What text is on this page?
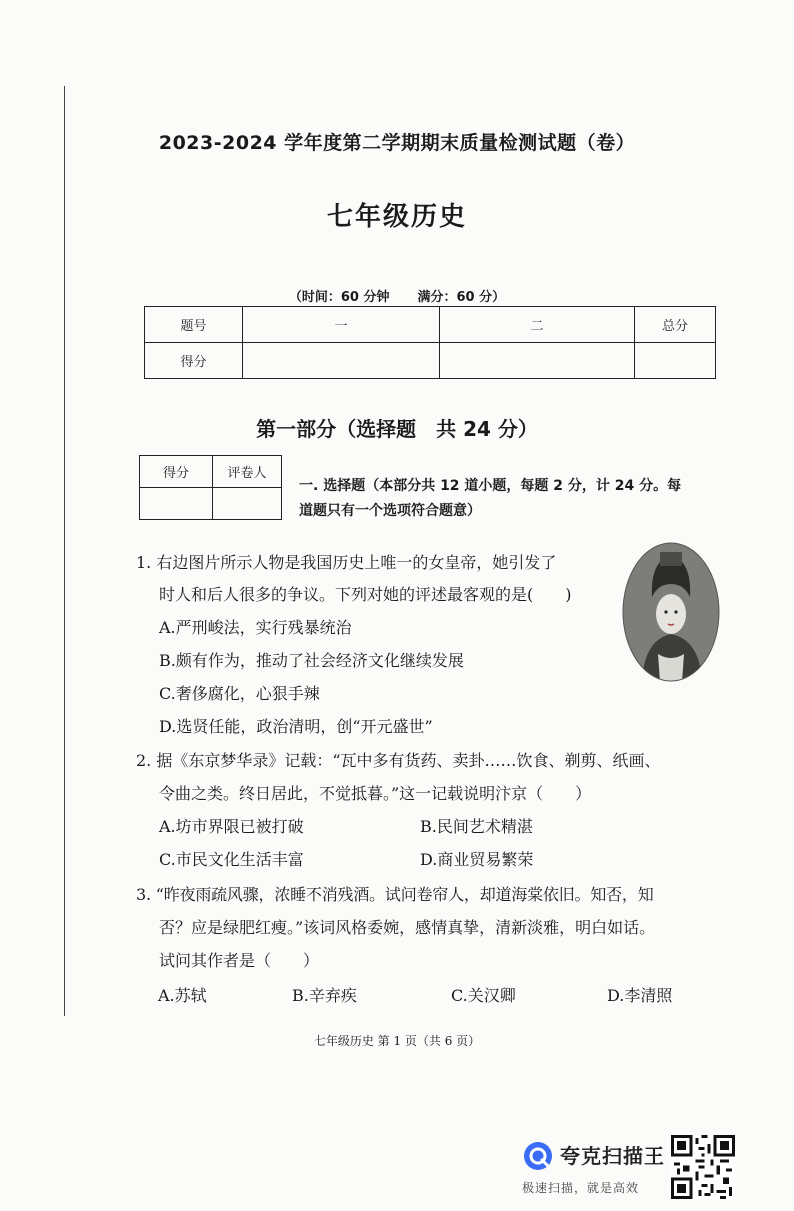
2023-2024 学年度第二学期期末质量检测试题（卷）
七年级历史
（时间：60 分钟 满分：60 分）
题号	一	二	总分
得分			
第一部分（选择题　共 24 分）
得分	评卷人

一. 选择题（本部分共 12 道小题，每题 2 分，计 24 分。每
道题只有一个选项符合题意）
1. 右边图片所示人物是我国历史上唯一的女皇帝，她引发了
时人和后人很多的争议。下列对她的评述最客观的是(　　)
A.严刑峻法，实行残暴统治
B.颇有作为，推动了社会经济文化继续发展
C.奢侈腐化，心狠手辣
D.选贤任能，政治清明，创“开元盛世”
2. 据《东京梦华录》记载：“瓦中多有货药、卖卦……饮食、剃剪、纸画、
令曲之类。终日居此，不觉抵暮。”这一记载说明汴京（　　）
A.坊市界限已被打破	B.民间艺术精湛
C.市民文化生活丰富	D.商业贸易繁荣
3. “昨夜雨疏风骤，浓睡不消残酒。试问卷帘人，却道海棠依旧。知否，知
否？应是绿肥红瘦。”该词风格委婉，感情真挚，清新淡雅，明白如话。
试问其作者是（　　）
A.苏轼	B.辛弃疾	C.关汉卿	D.李清照
七年级历史 第 1 页（共 6 页）
夸克扫描王
极速扫描，就是高效
